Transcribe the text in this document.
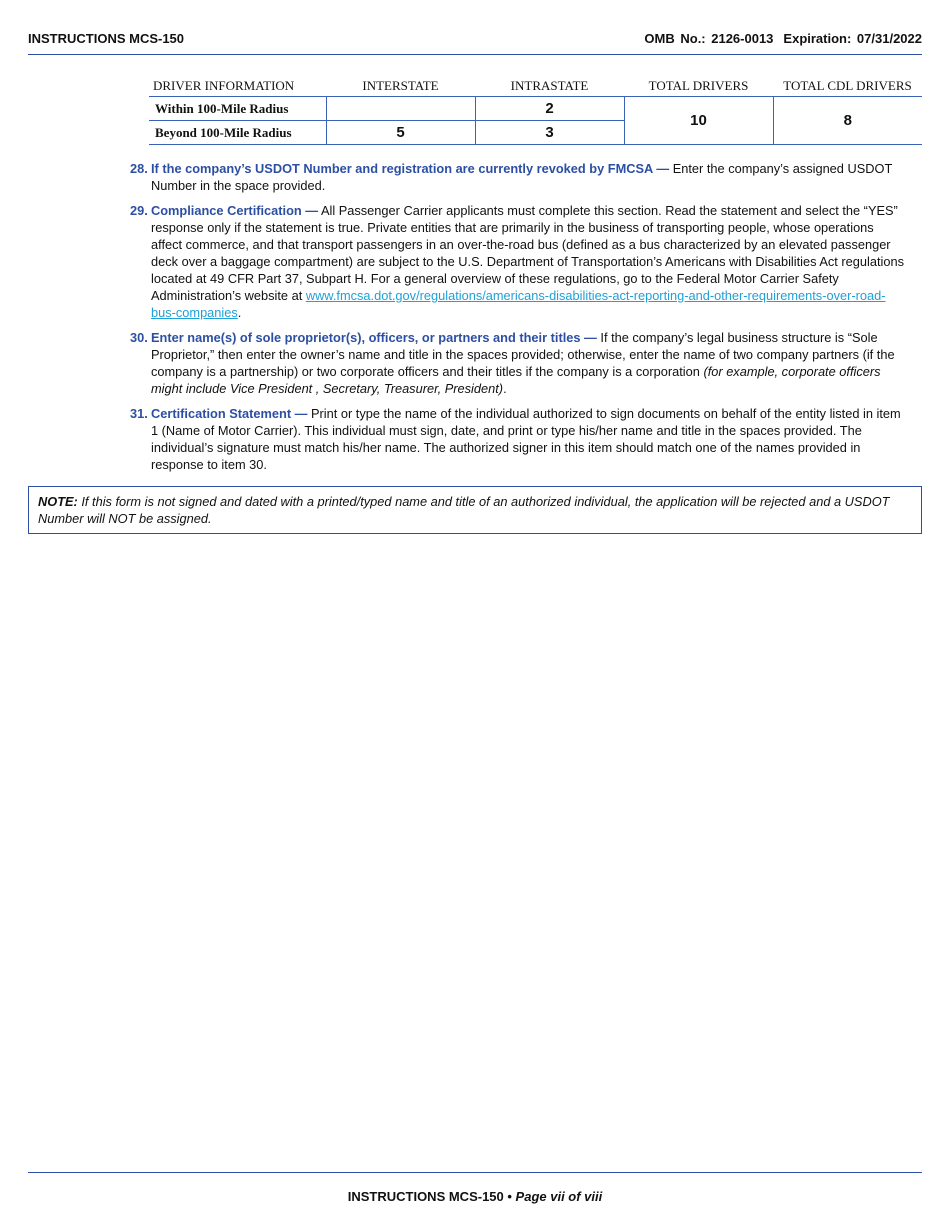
INSTRUCTIONS MCS-150	OMB No.: 2126-0013 Expiration: 07/31/2022
DRIVER INFORMATION	INTERSTATE	INTRASTATE	TOTAL DRIVERS	TOTAL CDL DRIVERS
Within 100-Mile Radius		2	10	8
Beyond 100-Mile Radius	5	3		
28. If the company’s USDOT Number and registration are currently revoked by FMCSA — Enter the company’s assigned USDOT Number in the space provided.
29. Compliance Certification — All Passenger Carrier applicants must complete this section. Read the statement and select the “YES” response only if the statement is true. Private entities that are primarily in the business of transporting people, whose operations affect commerce, and that transport passengers in an over-the-road bus (defined as a bus characterized by an elevated passenger deck over a baggage compartment) are subject to the U.S. Department of Transportation’s Americans with Disabilities Act regulations located at 49 CFR Part 37, Subpart H. For a general overview of these regulations, go to the Federal Motor Carrier Safety Administration’s website at www.fmcsa.dot.gov/regulations/americans-disabilities-act-reporting-and-other-requirements-over-road-bus-companies.
30. Enter name(s) of sole proprietor(s), officers, or partners and their titles — If the company’s legal business structure is “Sole Proprietor,” then enter the owner’s name and title in the spaces provided; otherwise, enter the name of two company partners (if the company is a partnership) or two corporate officers and their titles if the company is a corporation (for example, corporate officers might include Vice President , Secretary, Treasurer, President).
31. Certification Statement — Print or type the name of the individual authorized to sign documents on behalf of the entity listed in item 1 (Name of Motor Carrier). This individual must sign, date, and print or type his/her name and title in the spaces provided. The individual’s signature must match his/her name. The authorized signer in this item should match one of the names provided in response to item 30.
NOTE: If this form is not signed and dated with a printed/typed name and title of an authorized individual, the application will be rejected and a USDOT Number will NOT be assigned.
INSTRUCTIONS MCS-150 • Page vii of viii
